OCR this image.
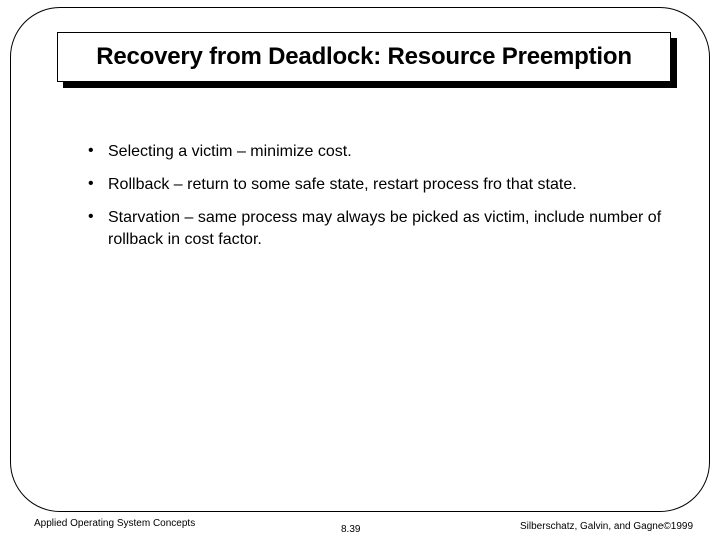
Recovery from Deadlock: Resource Preemption
• Selecting a victim – minimize cost.
• Rollback – return to some safe state, restart process fro that state.
• Starvation – same process may always be picked as victim, include number of rollback in cost factor.
Applied Operating System Concepts
8.39	Silberschatz, Galvin, and Gagne©1999
